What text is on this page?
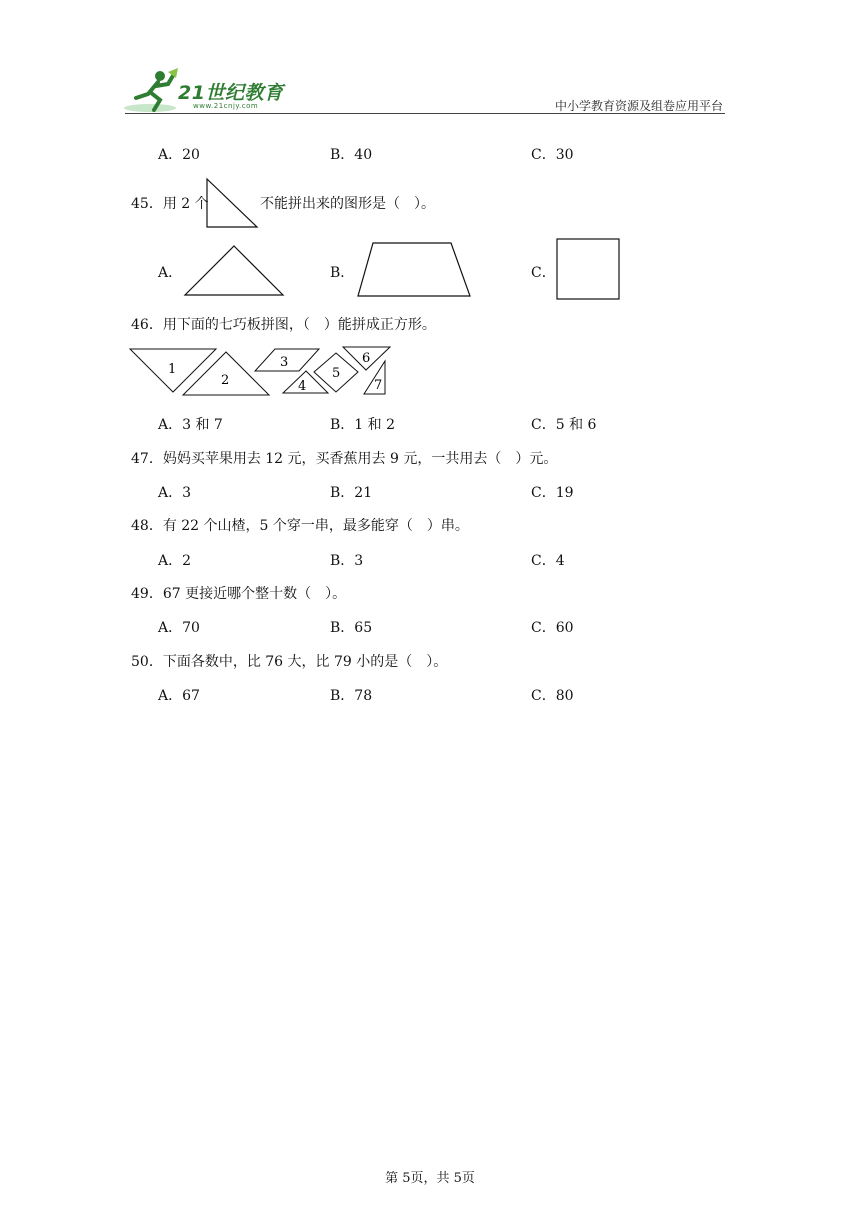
21世纪教育
www.21cnjy.com	中小学教育资源及组卷应用平台
A．20	B．40	C．30
45．用 2 个	不能拼出来的图形是（　）。
A．	B．	C．
46．用下面的七巧板拼图，（　）能拼成正方形。
1
2
3
4
5
6
7
A．3 和 7	B．1 和 2	C．5 和 6
47．妈妈买苹果用去 12 元，买香蕉用去 9 元，一共用去（　）元。
A．3	B．21	C．19
48．有 22 个山楂，5 个穿一串，最多能穿（　）串。
A．2	B．3	C．4
49．67 更接近哪个整十数（　）。
A．70	B．65	C．60
50．下面各数中，比 76 大，比 79 小的是（　）。
A．67	B．78	C．80
第 5页，共 5页
